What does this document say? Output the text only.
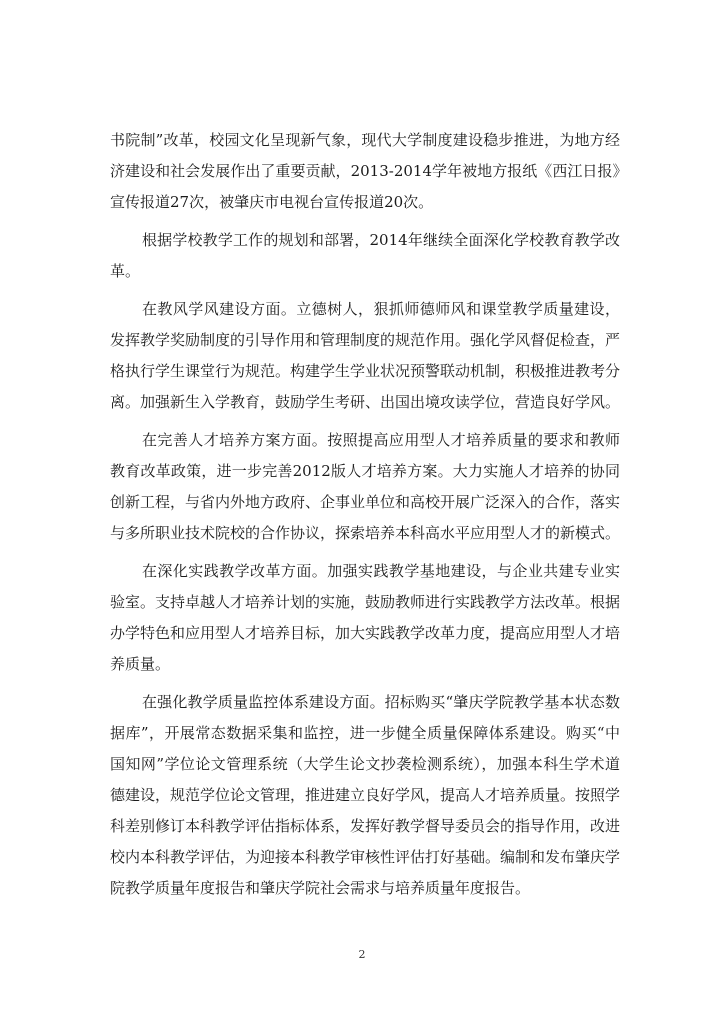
书院制”改革，校园文化呈现新气象，现代大学制度建设稳步推进，为地方经济建设和社会发展作出了重要贡献，2013-2014学年被地方报纸《西江日报》宣传报道27次，被肇庆市电视台宣传报道20次。

根据学校教学工作的规划和部署，2014年继续全面深化学校教育教学改革。

在教风学风建设方面。立德树人，狠抓师德师风和课堂教学质量建设，发挥教学奖励制度的引导作用和管理制度的规范作用。强化学风督促检查，严格执行学生课堂行为规范。构建学生学业状况预警联动机制，积极推进教考分离。加强新生入学教育，鼓励学生考研、出国出境攻读学位，营造良好学风。

在完善人才培养方案方面。按照提高应用型人才培养质量的要求和教师教育改革政策，进一步完善2012版人才培养方案。大力实施人才培养的协同创新工程，与省内外地方政府、企事业单位和高校开展广泛深入的合作，落实与多所职业技术院校的合作协议，探索培养本科高水平应用型人才的新模式。

在深化实践教学改革方面。加强实践教学基地建设，与企业共建专业实验室。支持卓越人才培养计划的实施，鼓励教师进行实践教学方法改革。根据办学特色和应用型人才培养目标，加大实践教学改革力度，提高应用型人才培养质量。

在强化教学质量监控体系建设方面。招标购买“肇庆学院教学基本状态数据库”，开展常态数据采集和监控，进一步健全质量保障体系建设。购买“中国知网”学位论文管理系统（大学生论文抄袭检测系统），加强本科生学术道德建设，规范学位论文管理，推进建立良好学风，提高人才培养质量。按照学科差别修订本科教学评估指标体系，发挥好教学督导委员会的指导作用，改进校内本科教学评估，为迎接本科教学审核性评估打好基础。编制和发布肇庆学院教学质量年度报告和肇庆学院社会需求与培养质量年度报告。

2
